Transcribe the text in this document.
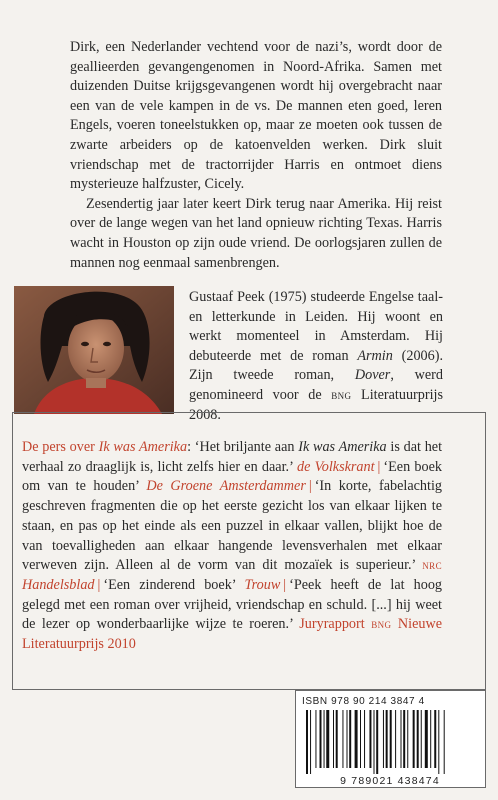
Dirk, een Nederlander vechtend voor de nazi’s, wordt door de geallieerden gevangengenomen in Noord-Afrika. Samen met duizenden Duitse krijgsgevangenen wordt hij overgebracht naar een van de vele kampen in de vs. De mannen eten goed, leren Engels, voeren toneelstukken op, maar ze moeten ook tussen de zwarte arbeiders op de katoenvelden werken. Dirk sluit vriendschap met de tractorrijder Harris en ontmoet diens mysterieuze halfzuster, Cicely.

Zesendertig jaar later keert Dirk terug naar Amerika. Hij reist over de lange wegen van het land opnieuw richting Texas. Harris wacht in Houston op zijn oude vriend. De oorlogsjaren zullen de mannen nog eenmaal samenbrengen.

Gustaaf Peek (1975) studeerde Engelse taal- en letterkunde in Leiden. Hij woont en werkt momenteel in Amsterdam. Hij debuteerde met de roman Armin (2006). Zijn tweede roman, Dover, werd genomineerd voor de bng Literatuurprijs 2008.
De pers over Ik was Amerika: ‘Het briljante aan Ik was Amerika is dat het verhaal zo draaglijk is, licht zelfs hier en daar.’ de Volkskrant | ‘Een boek om van te houden’ De Groene Amsterdammer | ‘In korte, fabelachtig geschreven fragmenten die op het eerste gezicht los van elkaar lijken te staan, en pas op het einde als een puzzel in elkaar vallen, blijkt hoe de van toevalligheden aan elkaar hangende levensverhalen met elkaar verweven zijn. Alleen al de vorm van dit mozaïek is superieur.’ nrc Handelsblad | ‘Een zinderend boek’ Trouw | ‘Peek heeft de lat hoog gelegd met een roman over vrijheid, vriendschap en schuld. [...] hij weet de lezer op wonderbaarlijke wijze te roeren.’ Juryrapport bng Nieuwe Literatuurprijs 2010
ISBN 978 90 214 3847 4
9 789021 438474
